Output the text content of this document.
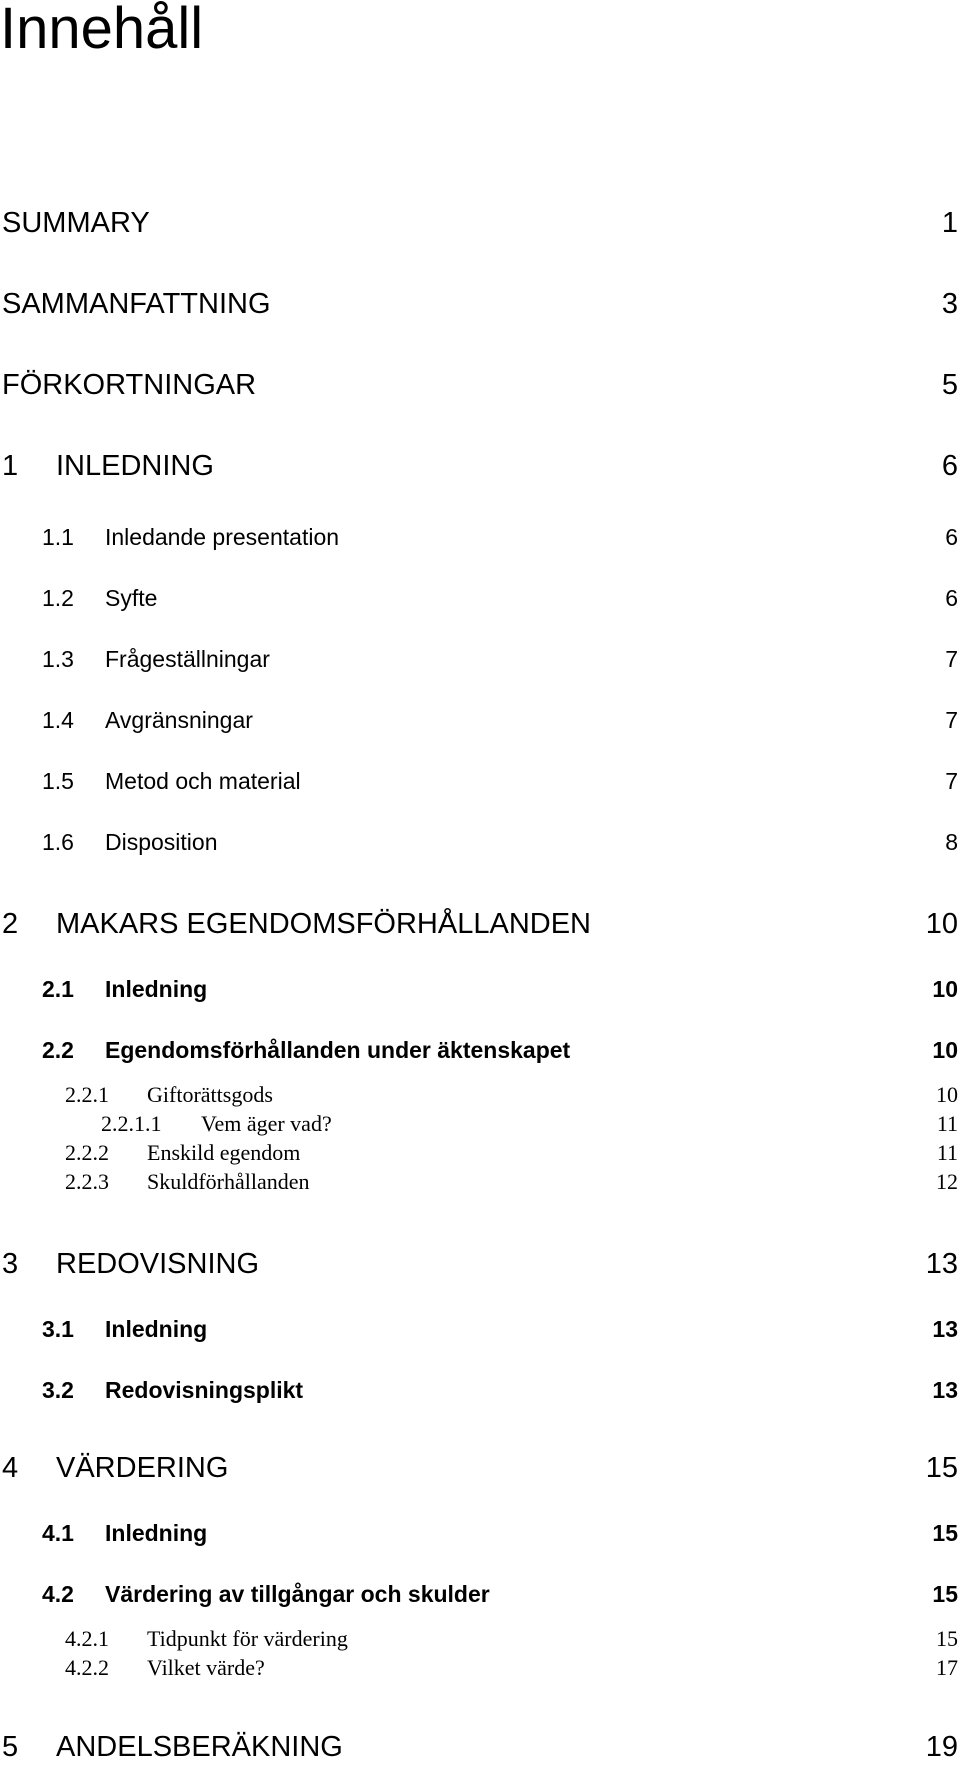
Innehåll
SUMMARY	1
SAMMANFATTNING	3
FÖRKORTNINGAR	5
1	INLEDNING	6
1.1	Inledande presentation	6
1.2	Syfte	6
1.3	Frågeställningar	7
1.4	Avgränsningar	7
1.5	Metod och material	7
1.6	Disposition	8
2	MAKARS EGENDOMSFÖRHÅLLANDEN	10
2.1	Inledning	10
2.2	Egendomsförhållanden under äktenskapet	10
2.2.1	Giftorättsgods	10
2.2.1.1	Vem äger vad?	11
2.2.2	Enskild egendom	11
2.2.3	Skuldförhållanden	12
3	REDOVISNING	13
3.1	Inledning	13
3.2	Redovisningsplikt	13
4	VÄRDERING	15
4.1	Inledning	15
4.2	Värdering av tillgångar och skulder	15
4.2.1	Tidpunkt för värdering	15
4.2.2	Vilket värde?	17
5	ANDELSBERÄKNING	19
